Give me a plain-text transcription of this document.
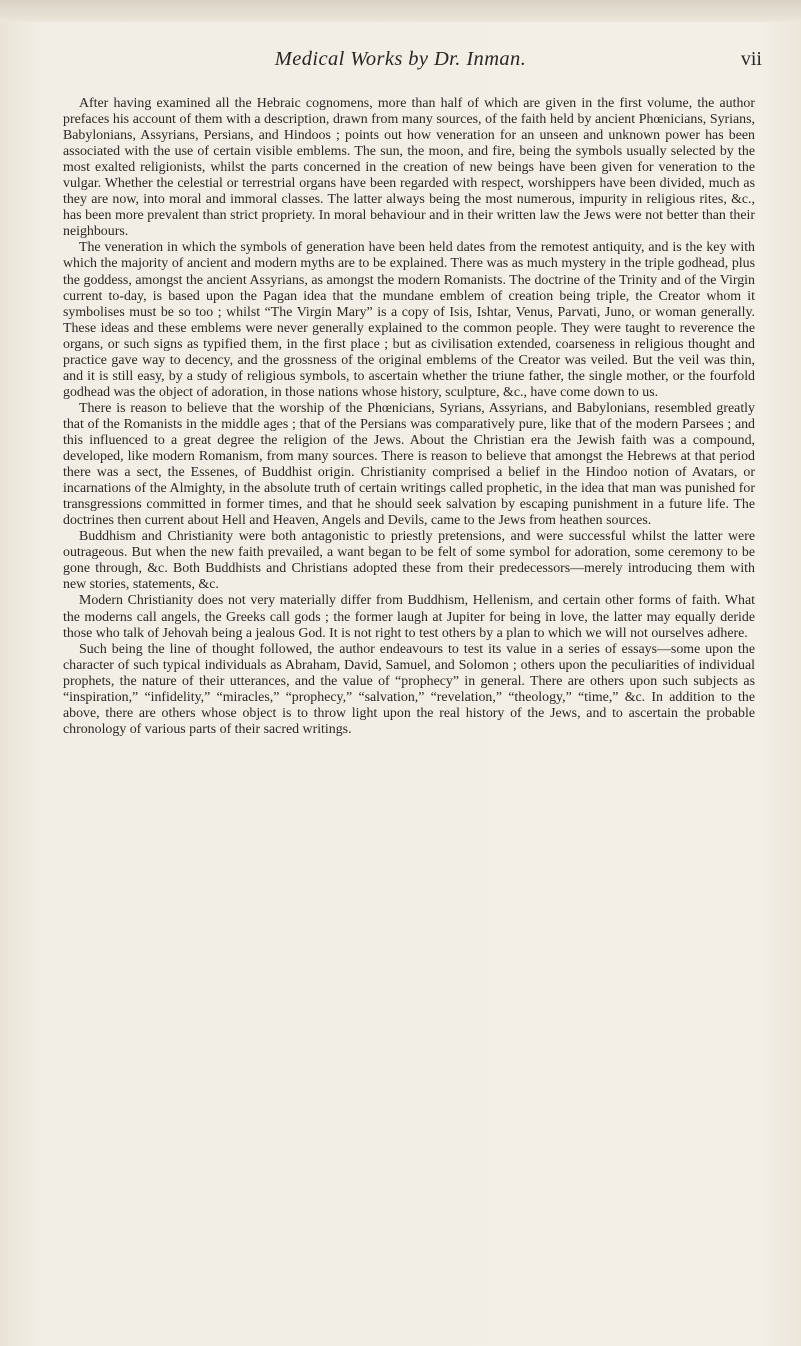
Medical Works by Dr. Inman.	vii

After having examined all the Hebraic cognomens, more than half of which are given in the first volume, the author prefaces his account of them with a description, drawn from many sources, of the faith held by ancient Phœnicians, Syrians, Babylonians, Assyrians, Persians, and Hindoos ; points out how veneration for an unseen and unknown power has been associated with the use of certain visible emblems. The sun, the moon, and fire, being the symbols usually selected by the most exalted religionists, whilst the parts concerned in the creation of new beings have been given for veneration to the vulgar. Whether the celestial or terrestrial organs have been regarded with respect, worshippers have been divided, much as they are now, into moral and immoral classes. The latter always being the most numerous, impurity in religious rites, &c., has been more prevalent than strict propriety. In moral behaviour and in their written law the Jews were not better than their neighbours.

The veneration in which the symbols of generation have been held dates from the remotest antiquity, and is the key with which the majority of ancient and modern myths are to be explained. There was as much mystery in the triple godhead, plus the goddess, amongst the ancient Assyrians, as amongst the modern Romanists. The doctrine of the Trinity and of the Virgin current to-day, is based upon the Pagan idea that the mundane emblem of creation being triple, the Creator whom it symbolises must be so too ; whilst “The Virgin Mary” is a copy of Isis, Ishtar, Venus, Parvati, Juno, or woman generally. These ideas and these emblems were never generally explained to the common people. They were taught to reverence the organs, or such signs as typified them, in the first place ; but as civilisation extended, coarseness in religious thought and practice gave way to decency, and the grossness of the original emblems of the Creator was veiled. But the veil was thin, and it is still easy, by a study of religious symbols, to ascertain whether the triune father, the single mother, or the fourfold godhead was the object of adoration, in those nations whose history, sculpture, &c., have come down to us.

There is reason to believe that the worship of the Phœnicians, Syrians, Assyrians, and Babylonians, resembled greatly that of the Romanists in the middle ages ; that of the Persians was comparatively pure, like that of the modern Parsees ; and this influenced to a great degree the religion of the Jews. About the Christian era the Jewish faith was a compound, developed, like modern Romanism, from many sources. There is reason to believe that amongst the Hebrews at that period there was a sect, the Essenes, of Buddhist origin. Christianity comprised a belief in the Hindoo notion of Avatars, or incarnations of the Almighty, in the absolute truth of certain writings called prophetic, in the idea that man was punished for transgressions committed in former times, and that he should seek salvation by escaping punishment in a future life. The doctrines then current about Hell and Heaven, Angels and Devils, came to the Jews from heathen sources.

Buddhism and Christianity were both antagonistic to priestly pretensions, and were successful whilst the latter were outrageous. But when the new faith prevailed, a want began to be felt of some symbol for adoration, some ceremony to be gone through, &c. Both Buddhists and Christians adopted these from their predecessors—merely introducing them with new stories, statements, &c.

Modern Christianity does not very materially differ from Buddhism, Hellenism, and certain other forms of faith. What the moderns call angels, the Greeks call gods ; the former laugh at Jupiter for being in love, the latter may equally deride those who talk of Jehovah being a jealous God. It is not right to test others by a plan to which we will not ourselves adhere.

Such being the line of thought followed, the author endeavours to test its value in a series of essays—some upon the character of such typical individuals as Abraham, David, Samuel, and Solomon ; others upon the peculiarities of individual prophets, the nature of their utterances, and the value of “prophecy” in general. There are others upon such subjects as “inspiration,” “infidelity,” “miracles,” “prophecy,” “salvation,” “revelation,” “theology,” “time,” &c. In addition to the above, there are others whose object is to throw light upon the real history of the Jews, and to ascertain the probable chronology of various parts of their sacred writings.
